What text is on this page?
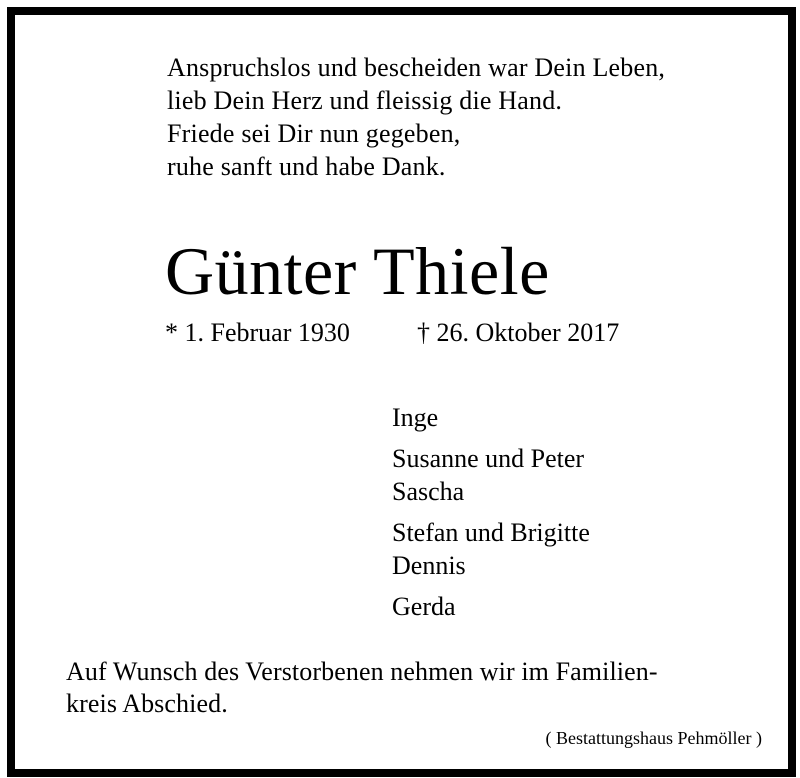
Anspruchslos und bescheiden war Dein Leben,
lieb Dein Herz und fleissig die Hand.
Friede sei Dir nun gegeben,
ruhe sanft und habe Dank.
Günter Thiele
* 1. Februar 1930	† 26. Oktober 2017
Inge
Susanne und Peter
Sascha
Stefan und Brigitte
Dennis
Gerda
Auf Wunsch des Verstorbenen nehmen wir im Familien-
kreis Abschied.
( Bestattungshaus Pehmöller )
